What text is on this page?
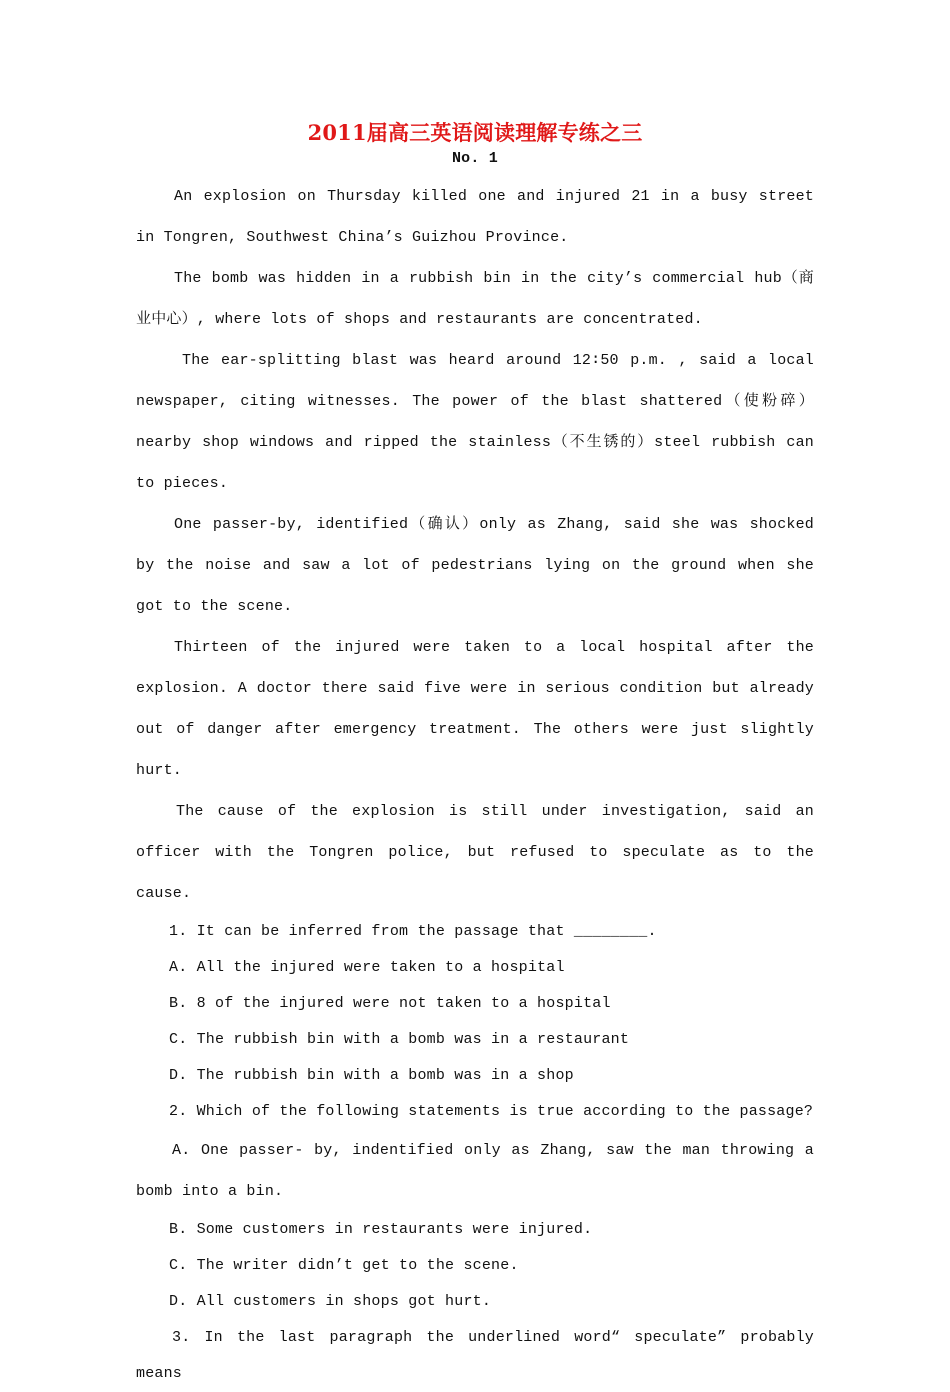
2011届高三英语阅读理解专练之三
No. 1

An explosion on Thursday killed one and injured 21 in a busy street in Tongren, Southwest China’s Guizhou Province.

The bomb was hidden in a rubbish bin in the city’s commercial hub（商业中心）, where lots of shops and restaurants are concentrated.

The ear-splitting blast was heard around 12∶50 p.m. , said a local newspaper, citing witnesses. The power of the blast shattered（使粉碎）nearby shop windows and ripped the stainless（不生锈的）steel rubbish can to pieces.

One passer-by, identified（确认）only as Zhang, said she was shocked by the noise and saw a lot of pedestrians lying on the ground when she got to the scene.

Thirteen of the injured were taken to a local hospital after the explosion. A doctor there said five were in serious condition but already out of danger after emergency treatment. The others were just slightly hurt.

The cause of the explosion is still under investigation, said an officer with the Tongren police, but refused to speculate as to the cause.

1. It can be inferred from the passage that ________.

A. All the injured were taken to a hospital

B. 8 of the injured were not taken to a hospital

C. The rubbish bin with a bomb was in a restaurant

D. The rubbish bin with a bomb was in a shop

2. Which of the following statements is true according to the passage?

A. One passer- by, indentified only as Zhang, saw the man throwing a bomb into a bin.

B. Some customers in restaurants were injured.

C. The writer didn’t get to the scene.

D. All customers in shops got hurt.

3. In the last paragraph the underlined word“ speculate” probably means
